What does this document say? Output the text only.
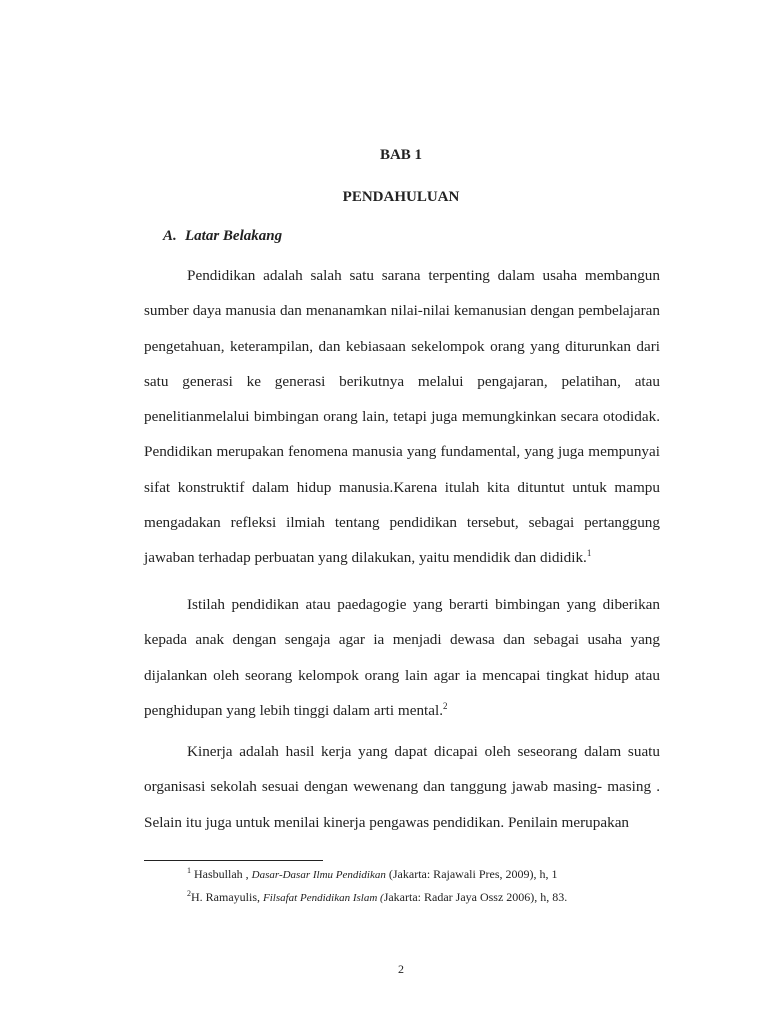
BAB 1

PENDAHULUAN

A. Latar Belakang

Pendidikan adalah salah satu sarana terpenting dalam usaha membangun sumber daya manusia dan menanamkan nilai-nilai kemanusian dengan pembelajaran pengetahuan, keterampilan, dan kebiasaan sekelompok orang yang diturunkan dari satu generasi ke generasi berikutnya melalui pengajaran, pelatihan, atau penelitianmelalui bimbingan orang lain, tetapi juga memungkinkan secara otodidak. Pendidikan merupakan fenomena manusia yang fundamental, yang juga mempunyai sifat konstruktif dalam hidup manusia.Karena itulah kita dituntut untuk mampu mengadakan refleksi ilmiah tentang pendidikan tersebut, sebagai pertanggung jawaban terhadap perbuatan yang dilakukan, yaitu mendidik dan dididik.$^1$

Istilah pendidikan atau paedagogie yang berarti bimbingan yang diberikan kepada anak dengan sengaja agar ia menjadi dewasa dan sebagai usaha yang dijalankan oleh seorang kelompok orang lain agar ia mencapai tingkat hidup atau penghidupan yang lebih tinggi dalam arti mental.$^2$

Kinerja adalah hasil kerja yang dapat dicapai oleh seseorang dalam suatu organisasi sekolah sesuai dengan wewenang dan tanggung jawab masing- masing . Selain itu juga untuk menilai kinerja pengawas pendidikan. Penilain merupakan

$^1$ Hasbullah , Dasar-Dasar Ilmu Pendidikan (Jakarta: Rajawali Pres, 2009), h, 1

$^2$H. Ramayulis, Filsafat Pendidikan Islam (Jakarta: Radar Jaya Ossz 2006), h, 83.

2
